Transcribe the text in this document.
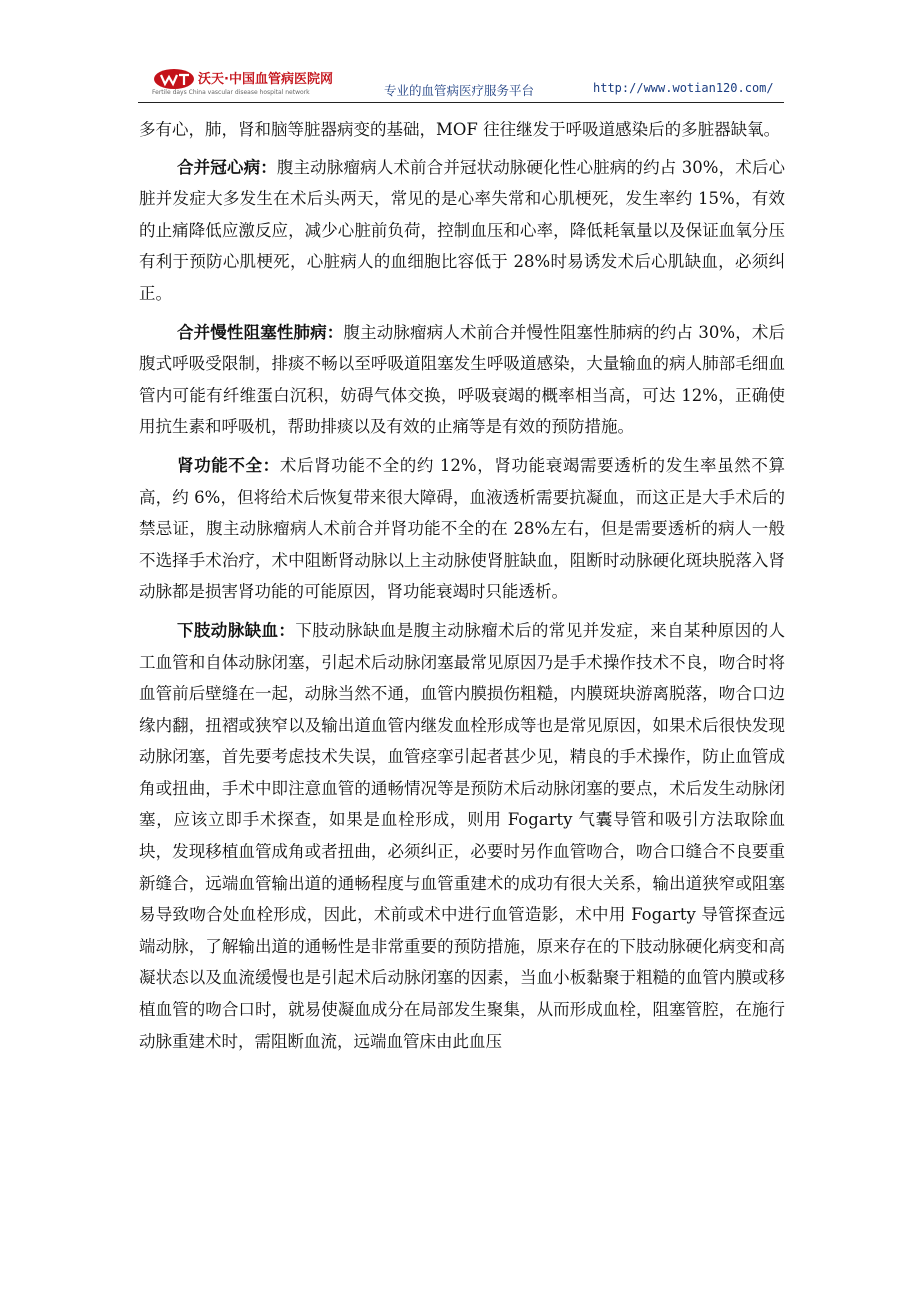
沃天·中国血管病医院网
Fertile days China vascular disease hospital network	专业的血管病医疗服务平台	http://www.wotian120.com/

多有心，肺，肾和脑等脏器病变的基础，MOF 往往继发于呼吸道感染后的多脏器缺氧。

合并冠心病：腹主动脉瘤病人术前合并冠状动脉硬化性心脏病的约占 30%，术后心脏并发症大多发生在术后头两天，常见的是心率失常和心肌梗死，发生率约 15%，有效的止痛降低应激反应，减少心脏前负荷，控制血压和心率，降低耗氧量以及保证血氧分压有利于预防心肌梗死，心脏病人的血细胞比容低于 28%时易诱发术后心肌缺血，必须纠正。

合并慢性阻塞性肺病：腹主动脉瘤病人术前合并慢性阻塞性肺病的约占 30%，术后腹式呼吸受限制，排痰不畅以至呼吸道阻塞发生呼吸道感染，大量输血的病人肺部毛细血管内可能有纤维蛋白沉积，妨碍气体交换，呼吸衰竭的概率相当高，可达 12%，正确使用抗生素和呼吸机，帮助排痰以及有效的止痛等是有效的预防措施。

肾功能不全：术后肾功能不全的约 12%，肾功能衰竭需要透析的发生率虽然不算高，约 6%，但将给术后恢复带来很大障碍，血液透析需要抗凝血，而这正是大手术后的禁忌证，腹主动脉瘤病人术前合并肾功能不全的在 28%左右，但是需要透析的病人一般不选择手术治疗，术中阻断肾动脉以上主动脉使肾脏缺血，阻断时动脉硬化斑块脱落入肾动脉都是损害肾功能的可能原因，肾功能衰竭时只能透析。

下肢动脉缺血：下肢动脉缺血是腹主动脉瘤术后的常见并发症，来自某种原因的人工血管和自体动脉闭塞，引起术后动脉闭塞最常见原因乃是手术操作技术不良，吻合时将血管前后壁缝在一起，动脉当然不通，血管内膜损伤粗糙，内膜斑块游离脱落，吻合口边缘内翻，扭褶或狭窄以及输出道血管内继发血栓形成等也是常见原因，如果术后很快发现动脉闭塞，首先要考虑技术失误，血管痉挛引起者甚少见，精良的手术操作，防止血管成角或扭曲，手术中即注意血管的通畅情况等是预防术后动脉闭塞的要点，术后发生动脉闭塞，应该立即手术探查，如果是血栓形成，则用 Fogarty 气囊导管和吸引方法取除血块，发现移植血管成角或者扭曲，必须纠正，必要时另作血管吻合，吻合口缝合不良要重新缝合，远端血管输出道的通畅程度与血管重建术的成功有很大关系，输出道狭窄或阻塞易导致吻合处血栓形成，因此，术前或术中进行血管造影，术中用 Fogarty 导管探查远端动脉，了解输出道的通畅性是非常重要的预防措施，原来存在的下肢动脉硬化病变和高凝状态以及血流缓慢也是引起术后动脉闭塞的因素，当血小板黏聚于粗糙的血管内膜或移植血管的吻合口时，就易使凝血成分在局部发生聚集，从而形成血栓，阻塞管腔，在施行动脉重建术时，需阻断血流，远端血管床由此血压
